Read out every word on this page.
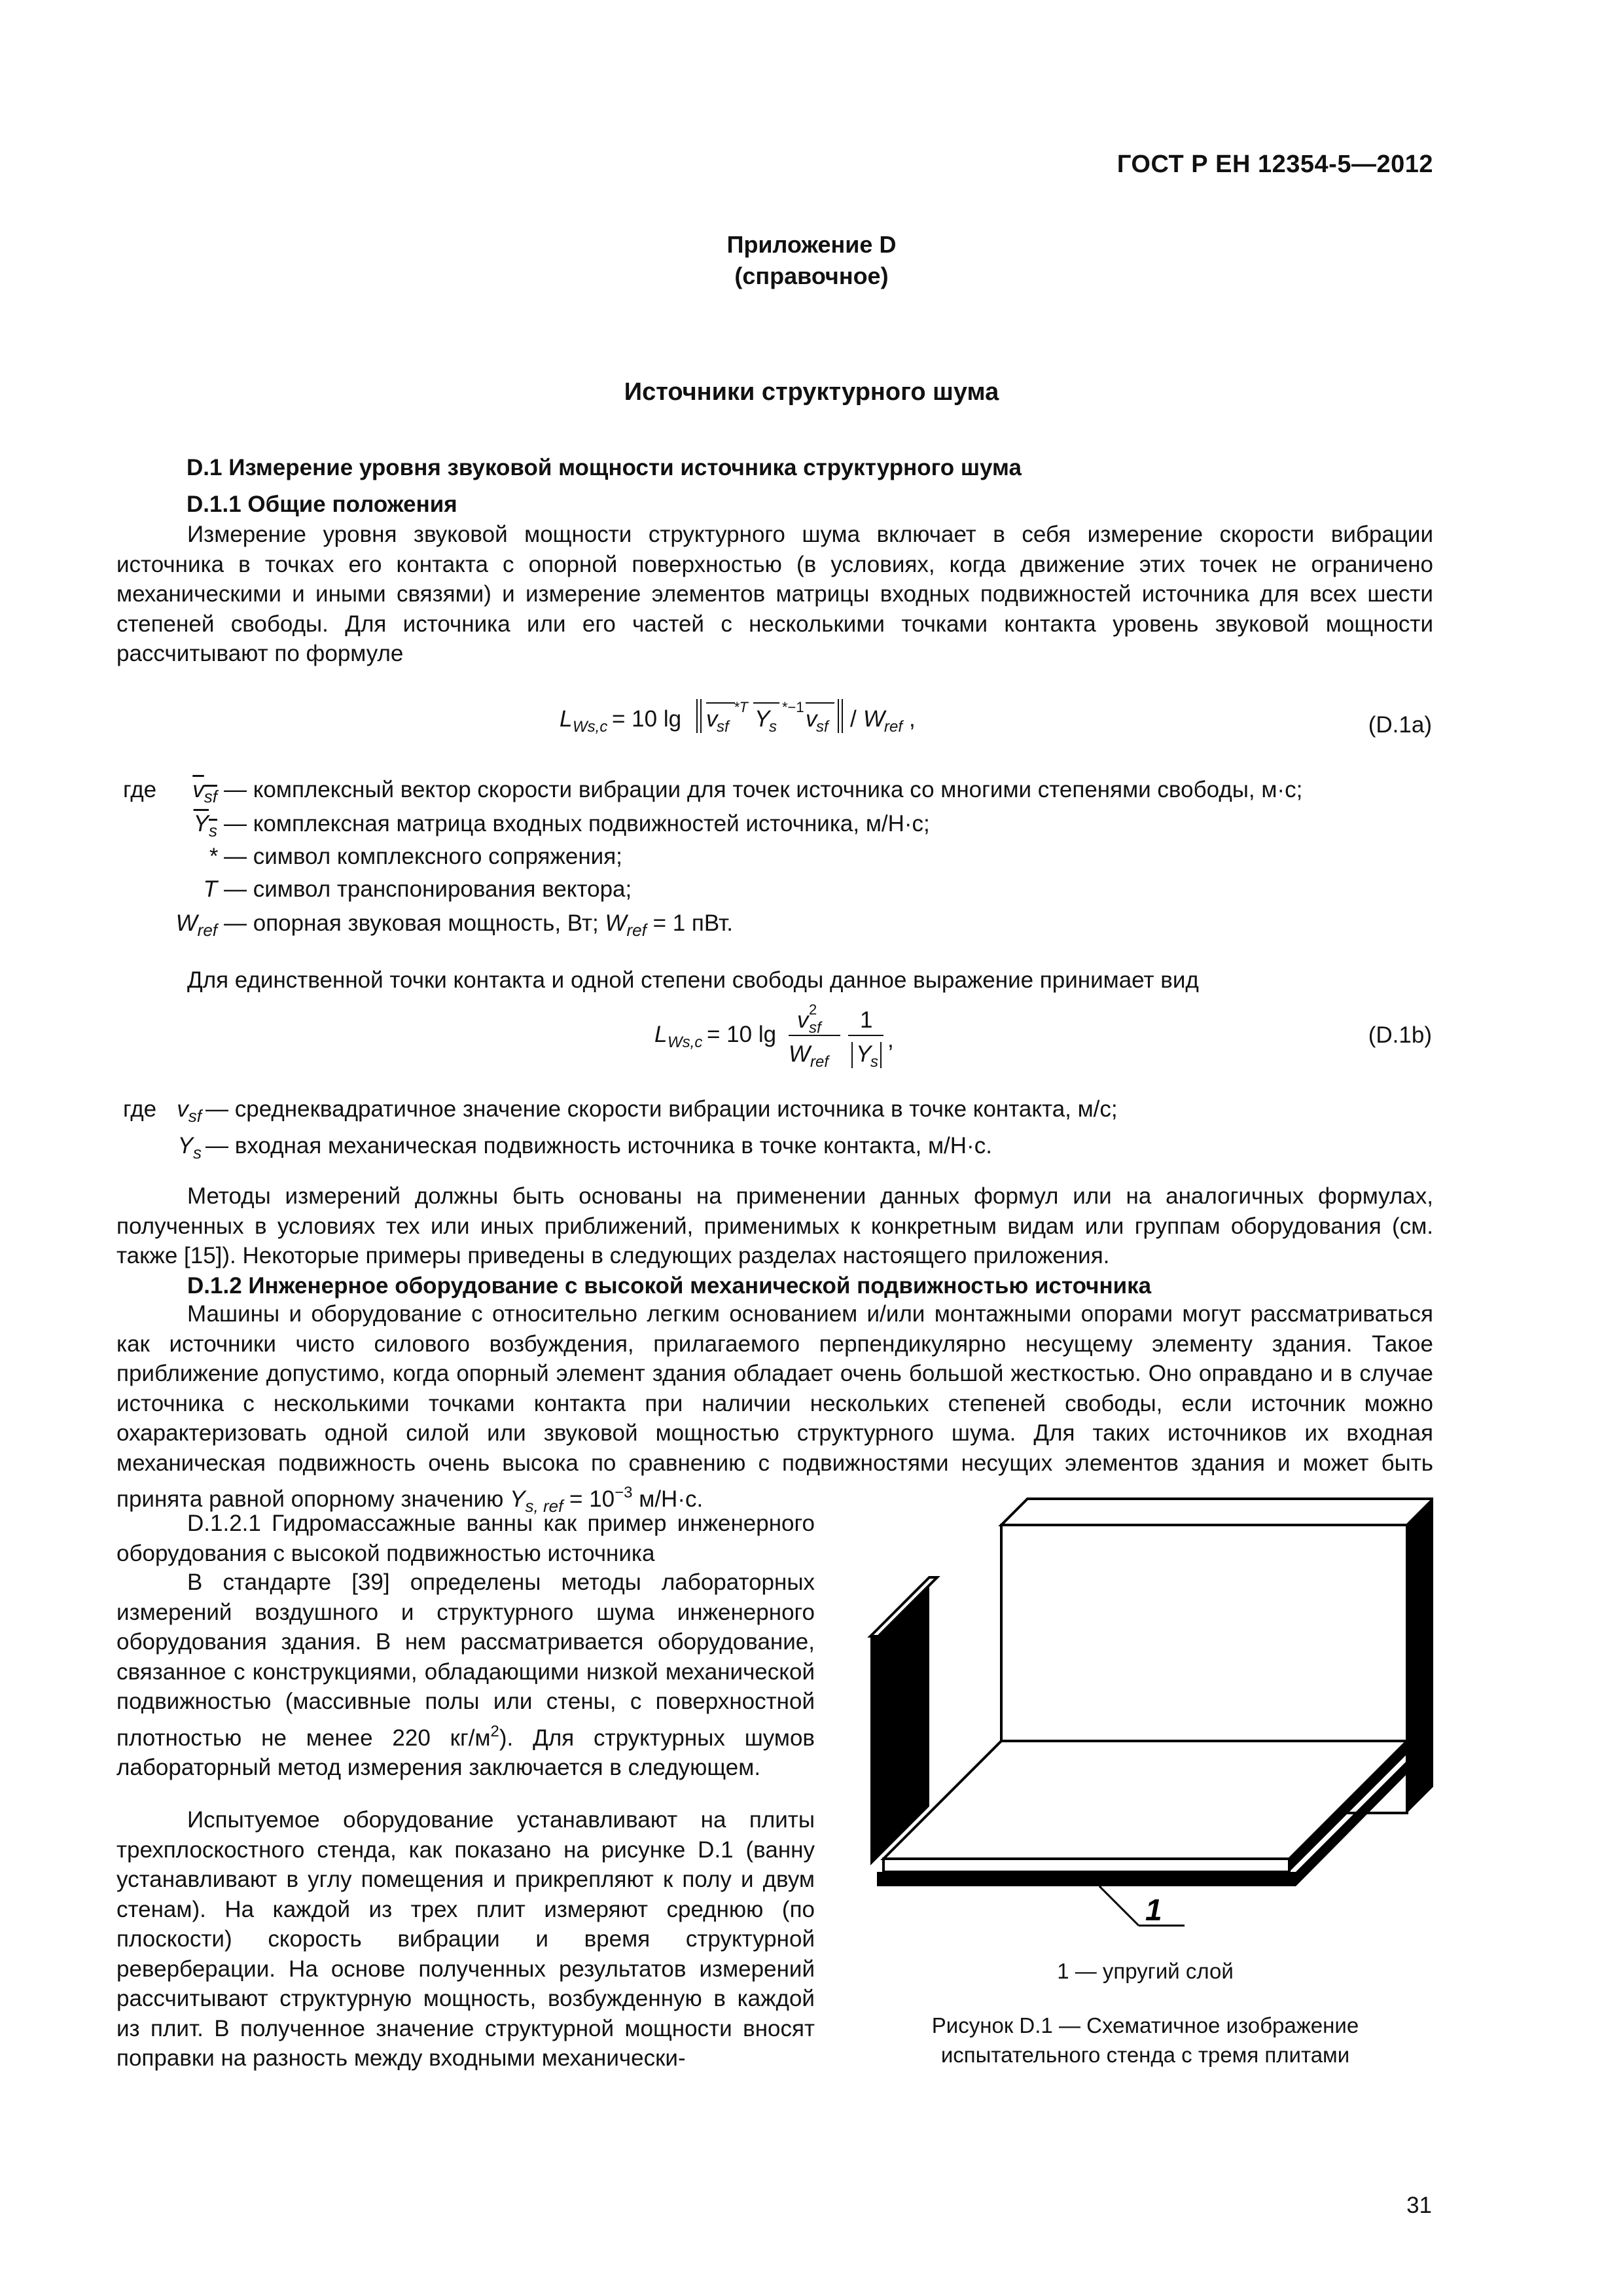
ГОСТ Р ЕН 12354-5—2012
Приложение D
(справочное)
Источники структурного шума
D.1 Измерение уровня звуковой мощности источника структурного шума
D.1.1 Общие положения
Измерение уровня звуковой мощности структурного шума включает в себя измерение скорости вибрации источника в точках его контакта с опорной поверхностью (в условиях, когда движение этих точек не ограничено механическими и иными связями) и измерение элементов матрицы входных подвижностей источника для всех шести степеней свободы. Для источника или его частей с несколькими точками контакта уровень звуковой мощности рассчитывают по формуле
L Ws,c = 10 lg v
sf
*T Y
s
*−1 v
sf / W
ref ,	(D.1a)
где	$v_{sf}$ — комплексный вектор скорости вибрации для точек источника со многими степенями свободы, м·с;
$Y_s$ — комплексная матрица входных подвижностей источника, м/Н·с;
* — символ комплексного сопряжения;
T — символ транспонирования вектора;
$W_{ref}$ — опорная звуковая мощность, Вт; $W_{ref} = 1$ пВт.
Для единственной точки контакта и одной степени свободы данное выражение принимает вид
L Ws,c = 10 lg
v 2
sf
W ref
1
Y
s
,	(D.1b)
где $v_{sf}$ — среднеквадратичное значение скорости вибрации источника в точке контакта, м/с;
$Y_s$ — входная механическая подвижность источника в точке контакта, м/Н·с.
Методы измерений должны быть основаны на применении данных формул или на аналогичных формулах, полученных в условиях тех или иных приближений, применимых к конкретным видам или группам оборудования (см. также [15]). Некоторые примеры приведены в следующих разделах настоящего приложения.
D.1.2 Инженерное оборудование с высокой механической подвижностью источника
Машины и оборудование с относительно легким основанием и/или монтажными опорами могут рассматриваться как источники чисто силового возбуждения, прилагаемого перпендикулярно несущему элементу здания. Такое приближение допустимо, когда опорный элемент здания обладает очень большой жесткостью. Оно оправдано и в случае источника с несколькими точками контакта при наличии нескольких степеней свободы, если источник можно охарактеризовать одной силой или звуковой мощностью структурного шума. Для таких источников их входная механическая подвижность очень высока по сравнению с подвижностями несущих элементов здания и может быть принята равной опорному значению $Y_{s, ref} = 10^{-3}$ м/Н·с.
D.1.2.1 Гидромассажные ванны как пример инженерного оборудования с высокой подвижностью источника
В стандарте [39] определены методы лабораторных измерений воздушного и структурного шума инженерного оборудования здания. В нем рассматривается оборудование, связанное с конструкциями, обладающими низкой механической подвижностью (массивные полы или стены, с поверхностной плотностью не менее 220 $кг/м^2$). Для структурных шумов лабораторный метод измерения заключается в следующем.
Испытуемое оборудование устанавливают на плиты трехплоскостного стенда, как показано на рисунке D.1 (ванну устанавливают в углу помещения и прикрепляют к полу и двум стенам). На каждой из трех плит измеряют среднюю (по плоскости) скорость вибрации и время структурной реверберации. На основе полученных результатов измерений рассчитывают структурную мощность, возбужденную в каждой из плит. В полученное значение структурной мощности вносят поправки на разность между входными механически-
1
1 — упругий слой
Рисунок D.1 — Схематичное изображение
испытательного стенда с тремя плитами
31
